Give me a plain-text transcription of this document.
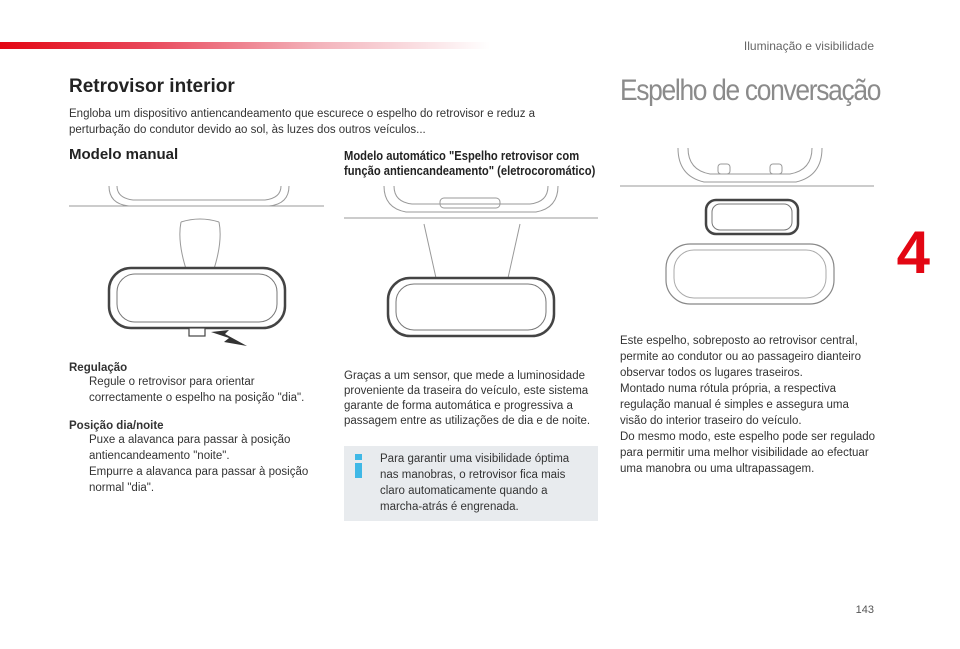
Iluminação e visibilidade
4
143
Retrovisor interior
Engloba um dispositivo antiencandeamento que escurece o espelho do retrovisor e reduz a perturbação do condutor devido ao sol, às luzes dos outros veículos...
Modelo manual	Modelo automático "Espelho retrovisor com
função antiencandeamento" (eletrocoromático)
Espelho de conversação
Regulação
Regule o retrovisor para orientar correctamente o espelho na posição "dia".
Posição dia/noite
Puxe a alavanca para passar à posição antiencandeamento "noite".
Empurre a alavanca para passar à posição normal "dia".
Graças a um sensor, que mede a luminosidade proveniente da traseira do veículo, este sistema garante de forma automática e progressiva a passagem entre as utilizações de dia e de noite.
Para garantir uma visibilidade óptima nas manobras, o retrovisor fica mais claro automaticamente quando a marcha-atrás é engrenada.
Este espelho, sobreposto ao retrovisor central, permite ao condutor ou ao passageiro dianteiro observar todos os lugares traseiros.
Montado numa rótula própria, a respectiva regulação manual é simples e assegura uma visão do interior traseiro do veículo.
Do mesmo modo, este espelho pode ser regulado para permitir uma melhor visibilidade ao efectuar uma manobra ou uma ultrapassagem.
